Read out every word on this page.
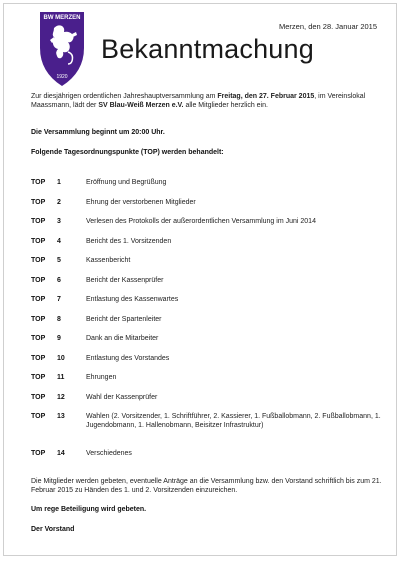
BW MERZEN
1920
Merzen, den 28. Januar 2015
Bekanntmachung
Zur diesjährigen ordentlichen Jahreshauptversammlung am Freitag, den 27. Februar 2015, im Vereinslokal Maassmann, lädt der SV Blau-Weiß Merzen e.V. alle Mitglieder herzlich ein.
Die Versammlung beginnt um 20:00 Uhr.
Folgende Tagesordnungspunkte (TOP) werden behandelt:
TOP 1	Eröffnung und Begrüßung
TOP 2	Ehrung der verstorbenen Mitglieder
TOP 3	Verlesen des Protokolls der außerordentlichen Versammlung im Juni 2014
TOP 4	Bericht des 1. Vorsitzenden
TOP 5	Kassenbericht
TOP 6	Bericht der Kassenprüfer
TOP 7	Entlastung des Kassenwartes
TOP 8	Bericht der Spartenleiter
TOP 9	Dank an die Mitarbeiter
TOP 10	Entlastung des Vorstandes
TOP 11	Ehrungen
TOP 12	Wahl der Kassenprüfer
TOP 13	Wahlen (2. Vorsitzender, 1. Schriftführer, 2. Kassierer, 1. Fußballobmann, 2. Fußballobmann, 1. Jugendobmann, 1. Hallenobmann, Beisitzer Infrastruktur)
TOP 14	Verschiedenes
Die Mitglieder werden gebeten, eventuelle Anträge an die Versammlung bzw. den Vorstand schriftlich bis zum 21. Februar 2015 zu Händen des 1. und 2. Vorsitzenden einzureichen.
Um rege Beteiligung wird gebeten.
Der Vorstand
